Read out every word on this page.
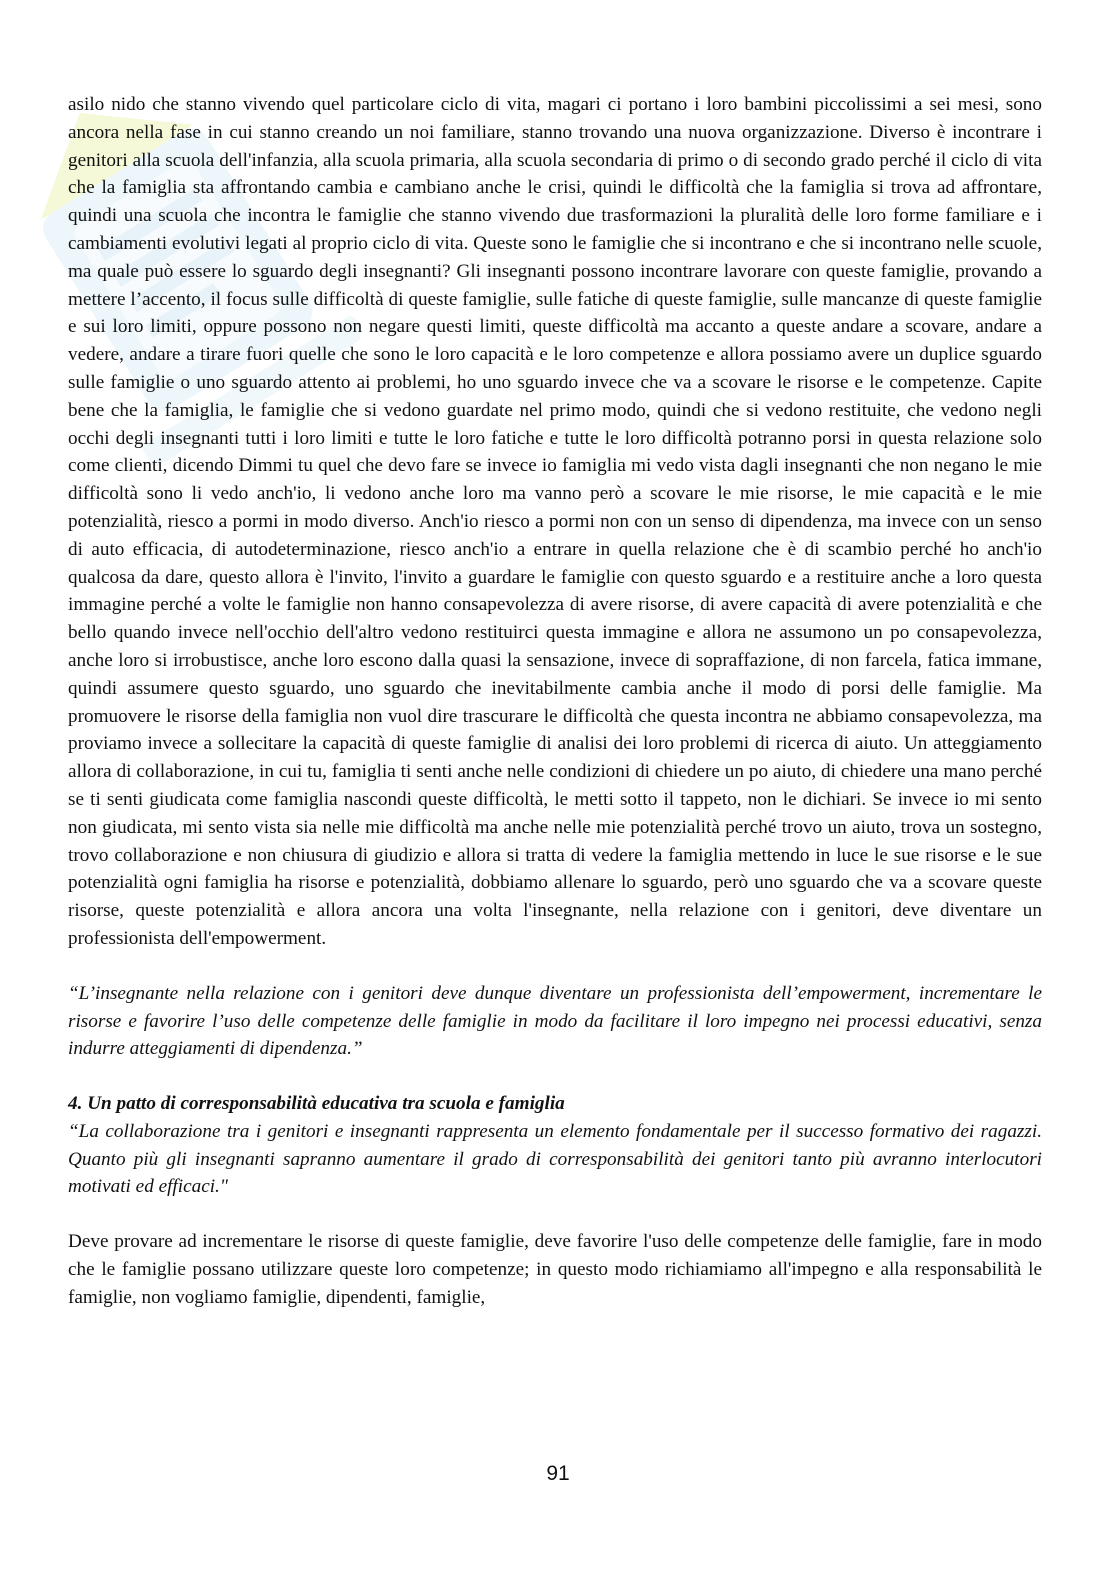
asilo nido che stanno vivendo quel particolare ciclo di vita, magari ci portano i loro bambini piccolissimi a sei mesi, sono ancora nella fase in cui stanno creando un noi familiare, stanno trovando una nuova organizzazione. Diverso è incontrare i genitori alla scuola dell'infanzia, alla scuola primaria, alla scuola secondaria di primo o di secondo grado perché il ciclo di vita che la famiglia sta affrontando cambia e cambiano anche le crisi, quindi le difficoltà che la famiglia si trova ad affrontare, quindi una scuola che incontra le famiglie che stanno vivendo due trasformazioni la pluralità delle loro forme familiare e i cambiamenti evolutivi legati al proprio ciclo di vita. Queste sono le famiglie che si incontrano e che si incontrano nelle scuole, ma quale può essere lo sguardo degli insegnanti? Gli insegnanti possono incontrare lavorare con queste famiglie, provando a mettere l’accento, il focus sulle difficoltà di queste famiglie, sulle fatiche di queste famiglie, sulle mancanze di queste famiglie e sui loro limiti, oppure possono non negare questi limiti, queste difficoltà ma accanto a queste andare a scovare, andare a vedere, andare a tirare fuori quelle che sono le loro capacità e le loro competenze e allora possiamo avere un duplice sguardo sulle famiglie o uno sguardo attento ai problemi, ho uno sguardo invece che va a scovare le risorse e le competenze. Capite bene che la famiglia, le famiglie che si vedono guardate nel primo modo, quindi che si vedono restituite, che vedono negli occhi degli insegnanti tutti i loro limiti e tutte le loro fatiche e tutte le loro difficoltà potranno porsi in questa relazione solo come clienti, dicendo Dimmi tu quel che devo fare se invece io famiglia mi vedo vista dagli insegnanti che non negano le mie difficoltà sono li vedo anch'io, li vedono anche loro ma vanno però a scovare le mie risorse, le mie capacità e le mie potenzialità, riesco a pormi in modo diverso. Anch'io riesco a pormi non con un senso di dipendenza, ma invece con un senso di auto efficacia, di autodeterminazione, riesco anch'io a entrare in quella relazione che è di scambio perché ho anch'io qualcosa da dare, questo allora è l'invito, l'invito a guardare le famiglie con questo sguardo e a restituire anche a loro questa immagine perché a volte le famiglie non hanno consapevolezza di avere risorse, di avere capacità di avere potenzialità e che bello quando invece nell'occhio dell'altro vedono restituirci questa immagine e allora ne assumono un po consapevolezza, anche loro si irrobustisce, anche loro escono dalla quasi la sensazione, invece di sopraffazione, di non farcela, fatica immane, quindi assumere questo sguardo, uno sguardo che inevitabilmente cambia anche il modo di porsi delle famiglie. Ma promuovere le risorse della famiglia non vuol dire trascurare le difficoltà che questa incontra ne abbiamo consapevolezza, ma proviamo invece a sollecitare la capacità di queste famiglie di analisi dei loro problemi di ricerca di aiuto. Un atteggiamento allora di collaborazione, in cui tu, famiglia ti senti anche nelle condizioni di chiedere un po aiuto, di chiedere una mano perché se ti senti giudicata come famiglia nascondi queste difficoltà, le metti sotto il tappeto, non le dichiari. Se invece io mi sento non giudicata, mi sento vista sia nelle mie difficoltà ma anche nelle mie potenzialità perché trovo un aiuto, trova un sostegno, trovo collaborazione e non chiusura di giudizio e allora si tratta di vedere la famiglia mettendo in luce le sue risorse e le sue potenzialità ogni famiglia ha risorse e potenzialità, dobbiamo allenare lo sguardo, però uno sguardo che va a scovare queste risorse, queste potenzialità e allora ancora una volta l'insegnante, nella relazione con i genitori, deve diventare un professionista dell'empowerment.

“L’insegnante nella relazione con i genitori deve dunque diventare un professionista dell’empowerment, incrementare le risorse e favorire l’uso delle competenze delle famiglie in modo da facilitare il loro impegno nei processi educativi, senza indurre atteggiamenti di dipendenza.”

4. Un patto di corresponsabilità educativa tra scuola e famiglia

“La collaborazione tra i genitori e insegnanti rappresenta un elemento fondamentale per il successo formativo dei ragazzi. Quanto più gli insegnanti sapranno aumentare il grado di corresponsabilità dei genitori tanto più avranno interlocutori motivati ed efficaci."

Deve provare ad incrementare le risorse di queste famiglie, deve favorire l'uso delle competenze delle famiglie, fare in modo che le famiglie possano utilizzare queste loro competenze; in questo modo richiamiamo all'impegno e alla responsabilità le famiglie, non vogliamo famiglie, dipendenti, famiglie,

91
